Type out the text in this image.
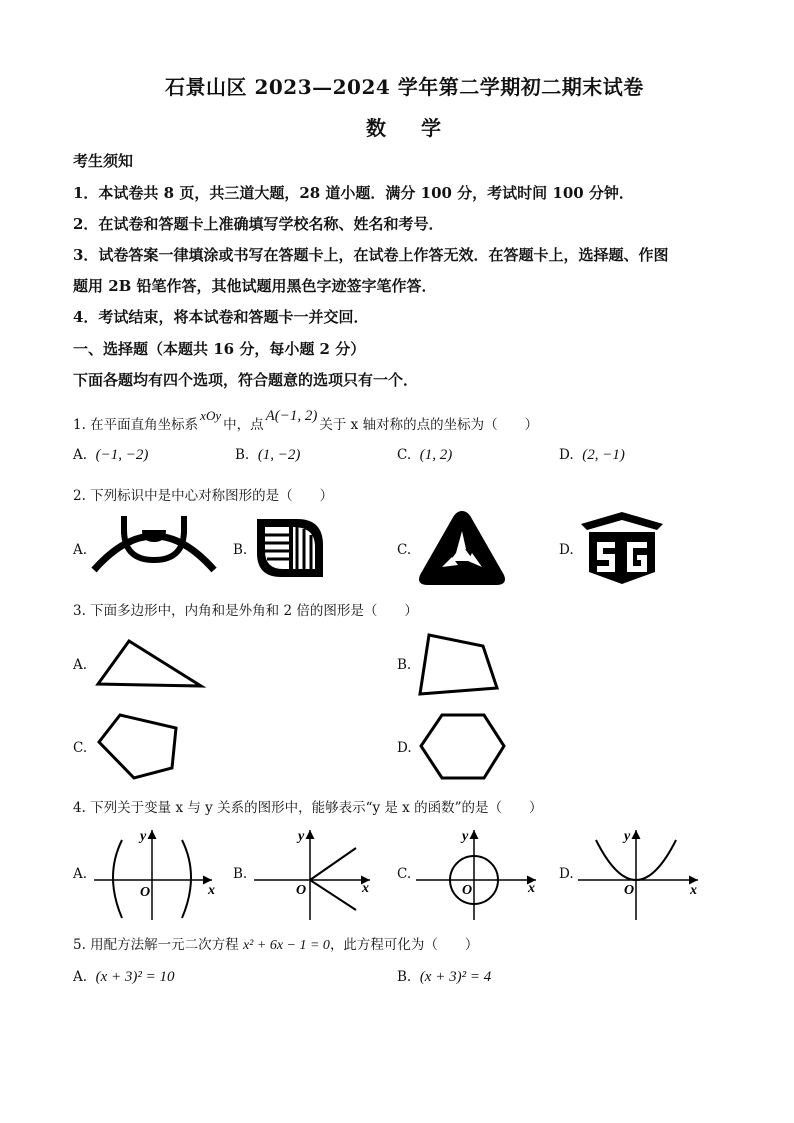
石景山区 2023—2024 学年第二学期初二期末试卷
数 学
考生须知
1．本试卷共 8 页，共三道大题，28 道小题．满分 100 分，考试时间 100 分钟．
2．在试卷和答题卡上准确填写学校名称、姓名和考号．
3．试卷答案一律填涂或书写在答题卡上，在试卷上作答无效．在答题卡上，选择题、作图
题用 2B 铅笔作答，其他试题用黑色字迹签字笔作答．
4．考试结束，将本试卷和答题卡一并交回．
一、选择题（本题共 16 分，每小题 2 分）
下面各题均有四个选项，符合题意的选项只有一个．
1. 在平面直角坐标系xOy中，点A(−1, 2)关于 x 轴对称的点的坐标为（　　）
A. (−1, −2)	B. (1, −2)	C. (1, 2)	D. (2, −1)
2. 下列标识中是中心对称图形的是（　　）
A.	B.	C.	D.
3. 下面多边形中，内角和是外角和 2 倍的图形是（　　）
A.	B.
C.	D.
4. 下列关于变量 x 与 y 关系的图形中，能够表示“y 是 x 的函数”的是（　　）
A.	B.	C.	D.
y
x
O
y
x
O
y
x
O
y
x
O
5. 用配方法解一元二次方程 x² + 6x − 1 = 0，此方程可化为（　　）
A. (x + 3)² = 10	B. (x + 3)² = 4
